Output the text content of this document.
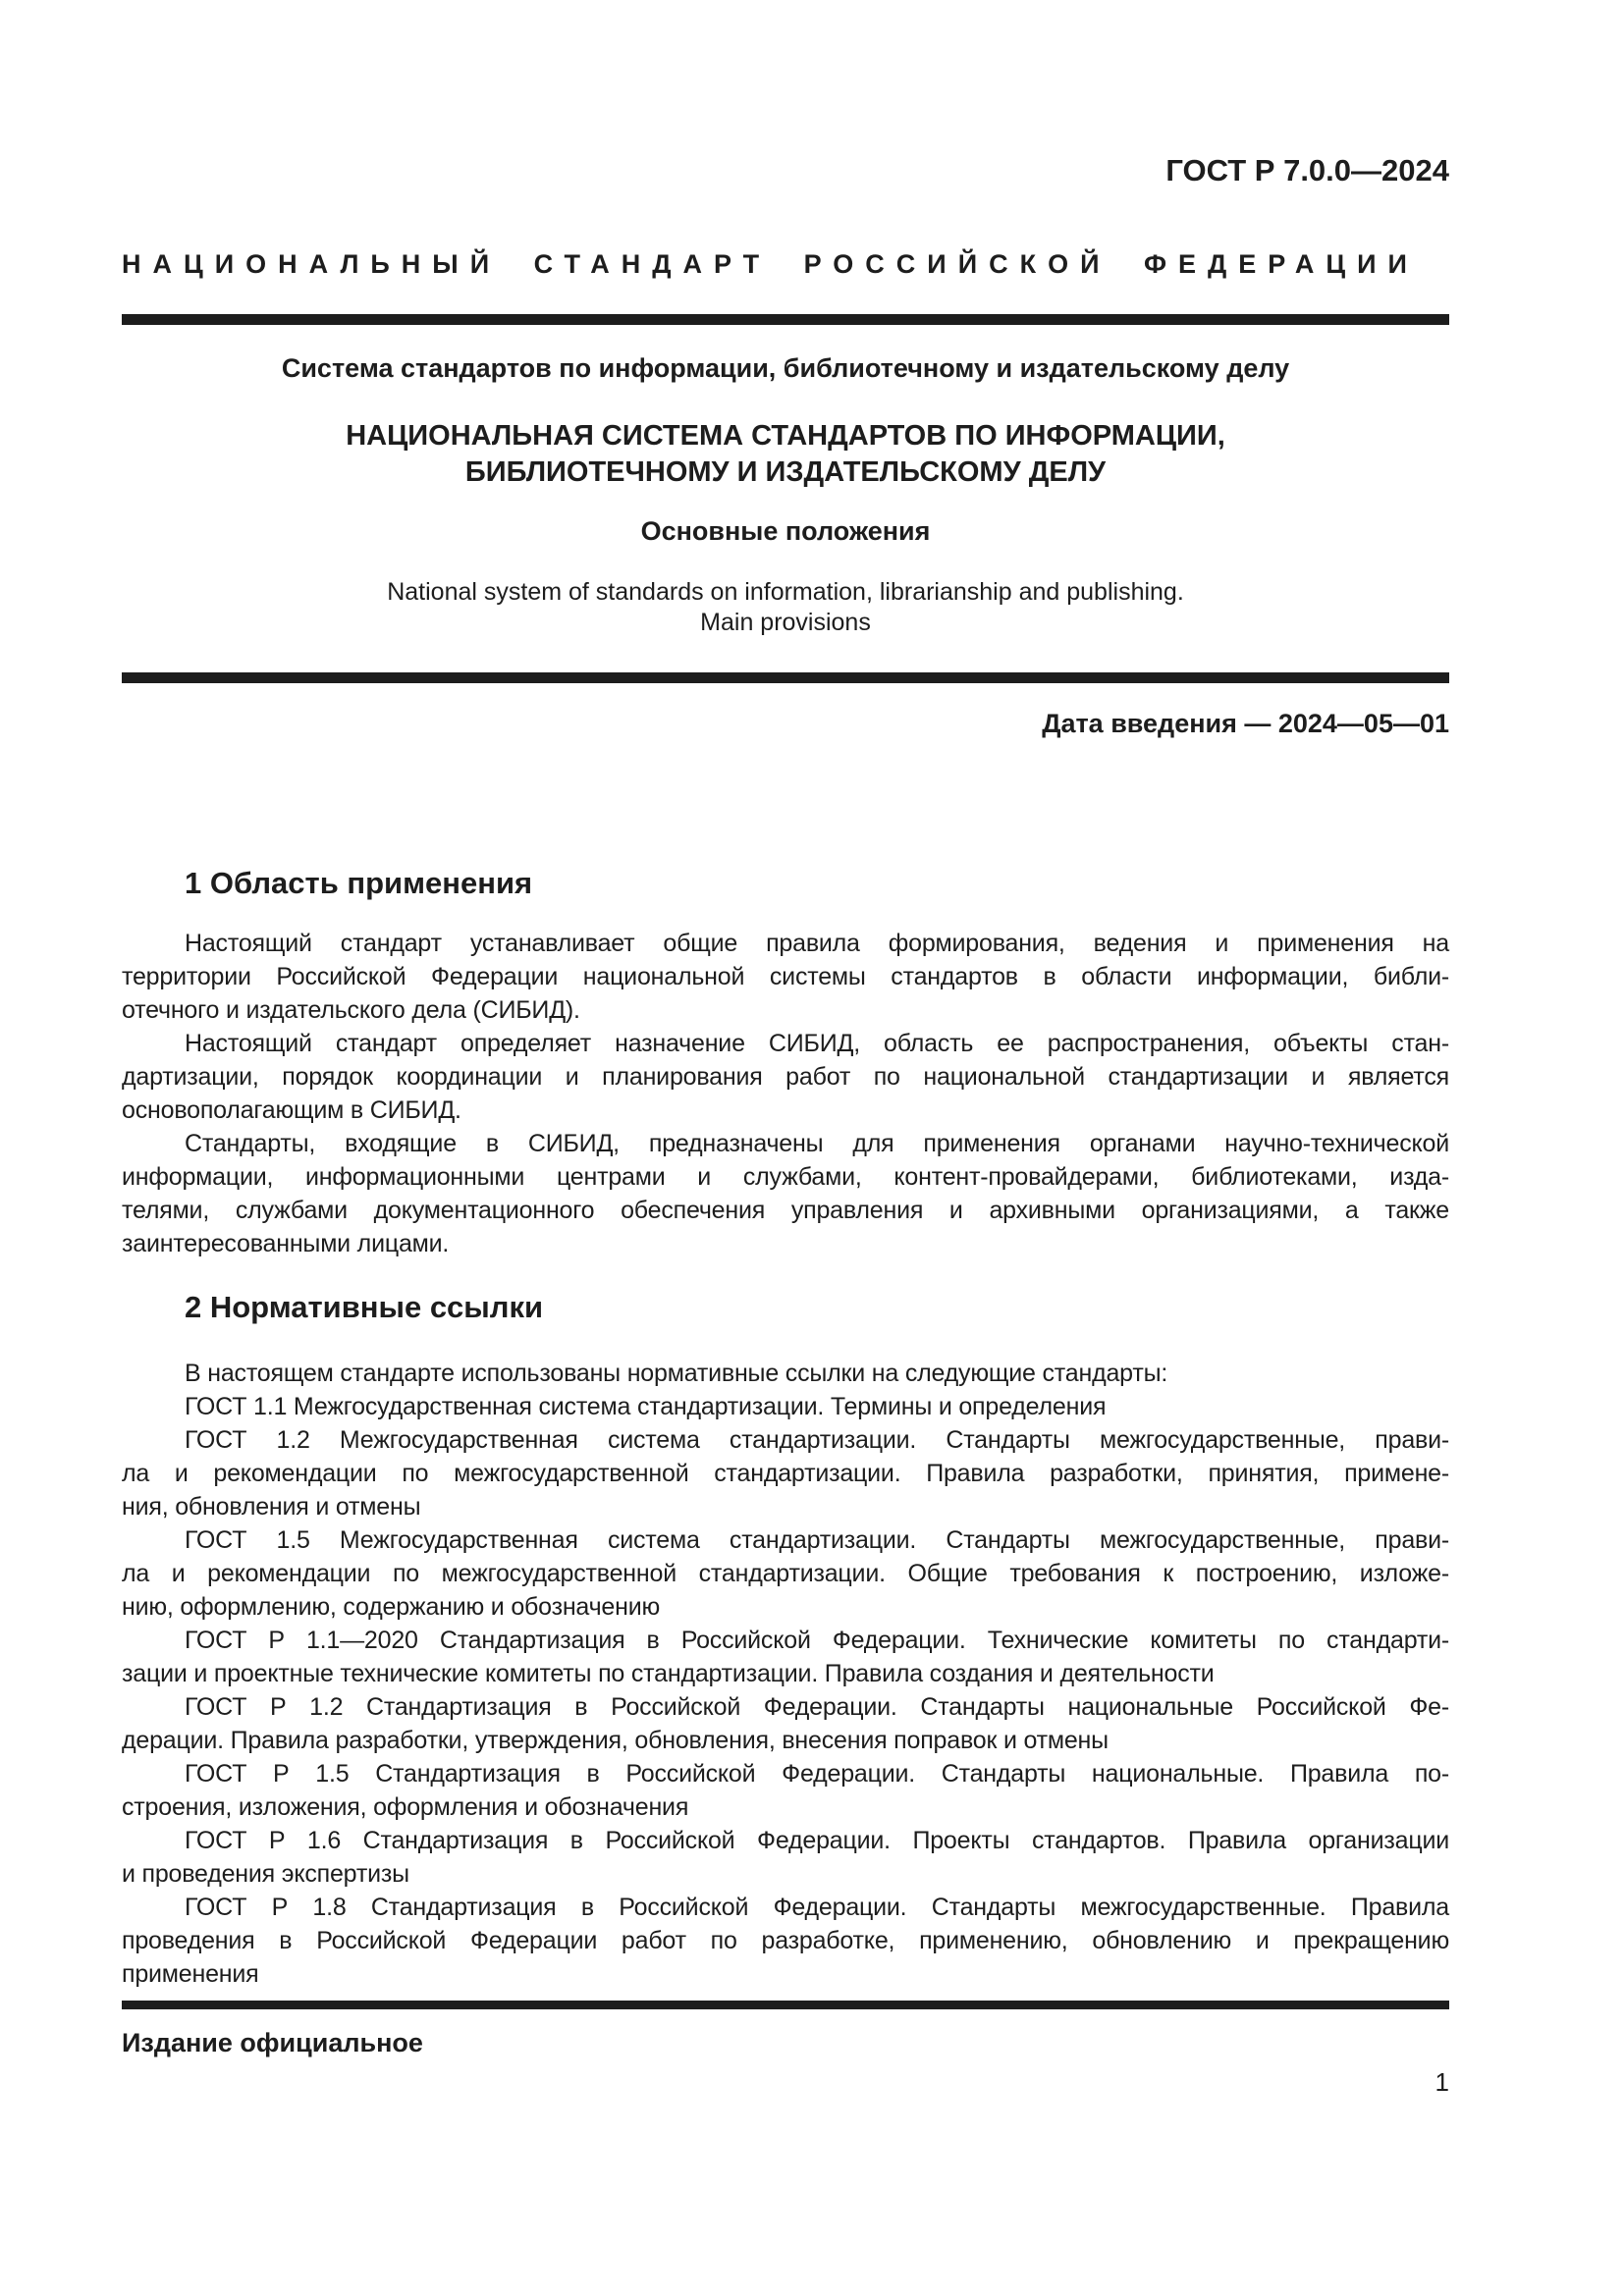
ГОСТ Р 7.0.0—2024
НАЦИОНАЛЬНЫЙ СТАНДАРТ РОССИЙСКОЙ ФЕДЕРАЦИИ
Система стандартов по информации, библиотечному и издательскому делу
НАЦИОНАЛЬНАЯ СИСТЕМА СТАНДАРТОВ ПО ИНФОРМАЦИИ,
БИБЛИОТЕЧНОМУ И ИЗДАТЕЛЬСКОМУ ДЕЛУ
Основные положения
National system of standards on information, librarianship and publishing.
Main provisions
Дата введения — 2024—05—01
1 Область применения
Настоящий стандарт устанавливает общие правила формирования, ведения и применения на
территории Российской Федерации национальной системы стандартов в области информации, библи-
отечного и издательского дела (СИБИД).
Настоящий стандарт определяет назначение СИБИД, область ее распространения, объекты стан-
дартизации, порядок координации и планирования работ по национальной стандартизации и является
основополагающим в СИБИД.
Стандарты, входящие в СИБИД, предназначены для применения органами научно-технической
информации, информационными центрами и службами, контент-провайдерами, библиотеками, изда-
телями, службами документационного обеспечения управления и архивными организациями, а также
заинтересованными лицами.
2 Нормативные ссылки
В настоящем стандарте использованы нормативные ссылки на следующие стандарты:
ГОСТ 1.1 Межгосударственная система стандартизации. Термины и определения
ГОСТ 1.2 Межгосударственная система стандартизации. Стандарты межгосударственные, прави-
ла и рекомендации по межгосударственной стандартизации. Правила разработки, принятия, примене-
ния, обновления и отмены
ГОСТ 1.5 Межгосударственная система стандартизации. Стандарты межгосударственные, прави-
ла и рекомендации по межгосударственной стандартизации. Общие требования к построению, изложе-
нию, оформлению, содержанию и обозначению
ГОСТ Р 1.1—2020 Стандартизация в Российской Федерации. Технические комитеты по стандарти-
зации и проектные технические комитеты по стандартизации. Правила создания и деятельности
ГОСТ Р 1.2 Стандартизация в Российской Федерации. Стандарты национальные Российской Фе-
дерации. Правила разработки, утверждения, обновления, внесения поправок и отмены
ГОСТ Р 1.5 Стандартизация в Российской Федерации. Стандарты национальные. Правила по-
строения, изложения, оформления и обозначения
ГОСТ Р 1.6 Стандартизация в Российской Федерации. Проекты стандартов. Правила организации
и проведения экспертизы
ГОСТ Р 1.8 Стандартизация в Российской Федерации. Стандарты межгосударственные. Правила
проведения в Российской Федерации работ по разработке, применению, обновлению и прекращению
применения
Издание официальное
1
